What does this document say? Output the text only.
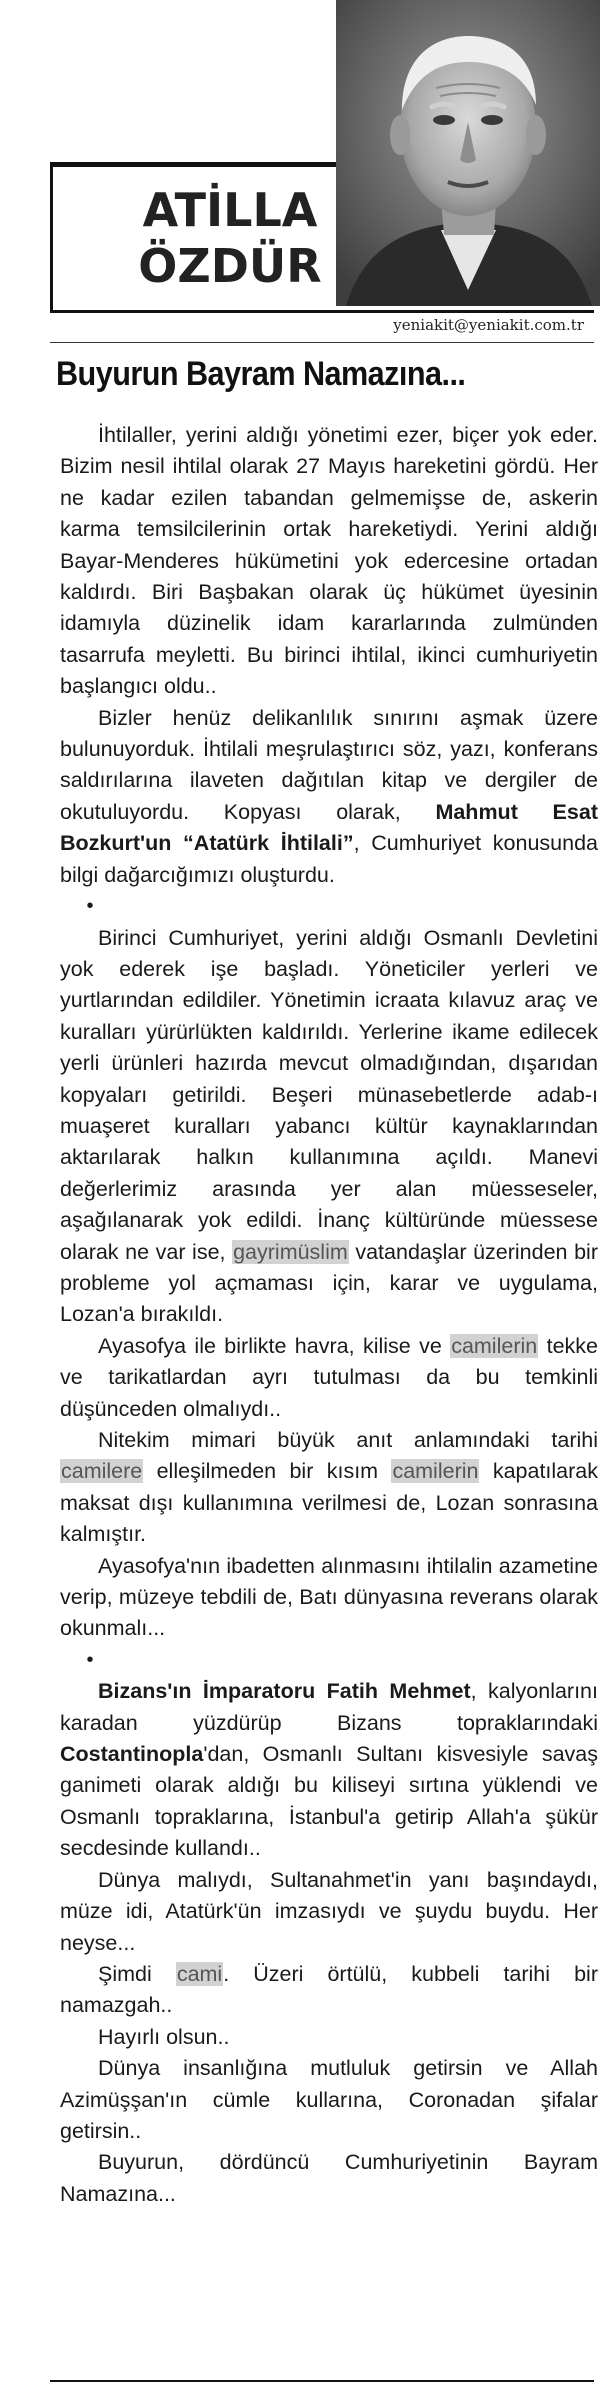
ATİLLA
ÖZDÜR
yeniakit@yeniakit.com.tr
Buyurun Bayram Namazına...

İhtilaller, yerini aldığı yönetimi ezer, biçer yok eder. Bizim nesil ihtilal olarak 27 Mayıs hareketini gördü. Her ne kadar ezilen tabandan gelmemişse de, askerin karma temsilcilerinin ortak hareketiydi. Yerini aldığı Bayar-Menderes hükümetini yok edercesine ortadan kaldırdı. Biri Başbakan olarak üç hükümet üyesinin idamıyla düzinelik idam kararlarında zulmünden tasarrufa meyletti. Bu birinci ihtilal, ikinci cumhuriyetin başlangıcı oldu..

Bizler henüz delikanlılık sınırını aşmak üzere bulunuyorduk. İhtilali meşrulaştırıcı söz, yazı, konferans saldırılarına ilaveten dağıtılan kitap ve dergiler de okutuluyordu. Kopyası olarak, Mahmut Esat Bozkurt'un “Atatürk İhtilali”, Cumhuriyet konusunda bilgi dağarcığımızı oluşturdu.

•

Birinci Cumhuriyet, yerini aldığı Osmanlı Devletini yok ederek işe başladı. Yöneticiler yerleri ve yurtlarından edildiler. Yönetimin icraata kılavuz araç ve kuralları yürürlükten kaldırıldı. Yerlerine ikame edilecek yerli ürünleri hazırda mevcut olmadığından, dışarıdan kopyaları getirildi. Beşeri münasebetlerde adab-ı muaşeret kuralları yabancı kültür kaynaklarından aktarılarak halkın kullanımına açıldı. Manevi değerlerimiz arasında yer alan müesseseler, aşağılanarak yok edildi. İnanç kültüründe müessese olarak ne var ise, gayrimüslim vatandaşlar üzerinden bir probleme yol açmaması için, karar ve uygulama, Lozan'a bırakıldı.

Ayasofya ile birlikte havra, kilise ve camilerin tekke ve tarikatlardan ayrı tutulması da bu temkinli düşünceden olmalıydı..

Nitekim mimari büyük anıt anlamındaki tarihi camilere elleşilmeden bir kısım camilerin kapatılarak maksat dışı kullanımına verilmesi de, Lozan sonrasına kalmıştır.

Ayasofya'nın ibadetten alınmasını ihtilalin azametine verip, müzeye tebdili de, Batı dünyasına reverans olarak okunmalı...

•

Bizans'ın İmparatoru Fatih Mehmet, kalyonlarını karadan yüzdürüp Bizans topraklarındaki Costantinopla'dan, Osmanlı Sultanı kisvesiyle savaş ganimeti olarak aldığı bu kiliseyi sırtına yüklendi ve Osmanlı topraklarına, İstanbul'a getirip Allah'a şükür secdesinde kullandı..

Dünya malıydı, Sultanahmet'in yanı başındaydı, müze idi, Atatürk'ün imzasıydı ve şuydu buydu. Her neyse...

Şimdi cami. Üzeri örtülü, kubbeli tarihi bir namazgah..

Hayırlı olsun..

Dünya insanlığına mutluluk getirsin ve Allah Azimüşşan'ın cümle kullarına, Coronadan şifalar getirsin..

Buyurun, dördüncü Cumhuriyetinin Bayram Namazına...
